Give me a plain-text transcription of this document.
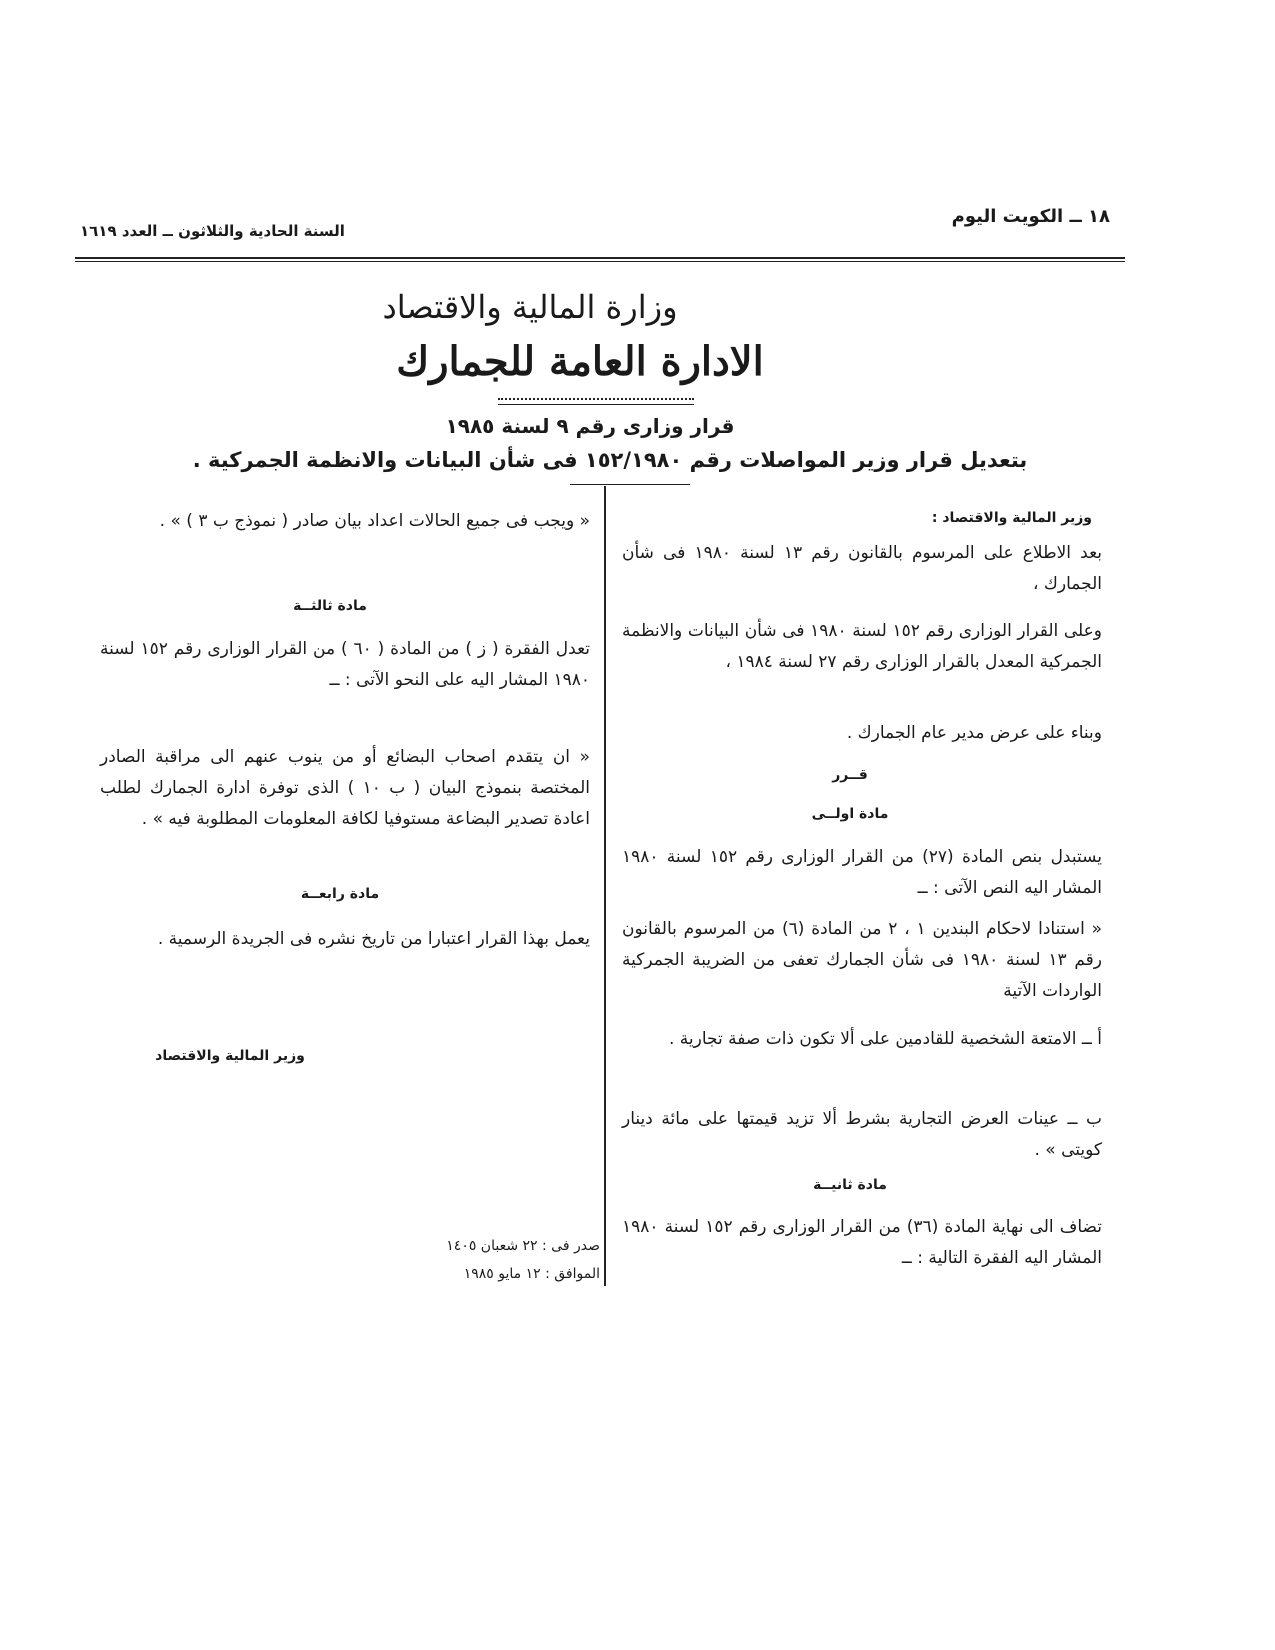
١٨ ــ الكويت اليوم
السنة الحادية والثلاثون ــ العدد ١٦١٩
وزارة المالية والاقتصاد
الادارة العامة للجمارك
قرار وزارى رقم ٩ لسنة ١٩٨٥
بتعديل قرار وزير المواصلات رقم ١٥٢/١٩٨٠ فى شأن البيانات والانظمة الجمركية .
وزير المالية والاقتصاد :
بعد الاطلاع على المرسوم بالقانون رقم ١٣ لسنة ١٩٨٠ فى شأن الجمارك ،
وعلى القرار الوزارى رقم ١٥٢ لسنة ١٩٨٠ فى شأن البيانات والانظمة الجمركية المعدل بالقرار الوزارى رقم ٢٧ لسنة ١٩٨٤ ،
وبناء على عرض مدير عام الجمارك .
قــرر
مادة اولــى
يستبدل بنص المادة (٢٧) من القرار الوزارى رقم ١٥٢ لسنة ١٩٨٠ المشار اليه النص الآتى : ــ
« استنادا لاحكام البندين ١ ، ٢ من المادة (٦) من المرسوم بالقانون رقم ١٣ لسنة ١٩٨٠ فى شأن الجمارك تعفى من الضريبة الجمركية الواردات الآتية
أ ــ الامتعة الشخصية للقادمين على ألا تكون ذات صفة تجارية .
ب ــ عينات العرض التجارية بشرط ألا تزيد قيمتها على مائة دينار كويتى » .
مادة ثانيــة
تضاف الى نهاية المادة (٣٦) من القرار الوزارى رقم ١٥٢ لسنة ١٩٨٠ المشار اليه الفقرة التالية : ــ
« ويجب فى جميع الحالات اعداد بيان صادر ( نموذج ب ٣ ) » .
مادة ثالثــة
تعدل الفقرة ( ز ) من المادة ( ٦٠ ) من القرار الوزارى رقم ١٥٢ لسنة ١٩٨٠ المشار اليه على النحو الآتى : ــ
« ان يتقدم اصحاب البضائع أو من ينوب عنهم الى مراقبة الصادر المختصة بنموذج البيان ( ب ١٠ ) الذى توفرة ادارة الجمارك لطلب اعادة تصدير البضاعة مستوفيا لكافة المعلومات المطلوبة فيه » .
مادة رابعــة
يعمل بهذا القرار اعتبارا من تاريخ نشره فى الجريدة الرسمية .
وزير المالية والاقتصاد
صدر فى : ٢٢ شعبان ١٤٠٥
الموافق : ١٢ مايو ١٩٨٥
